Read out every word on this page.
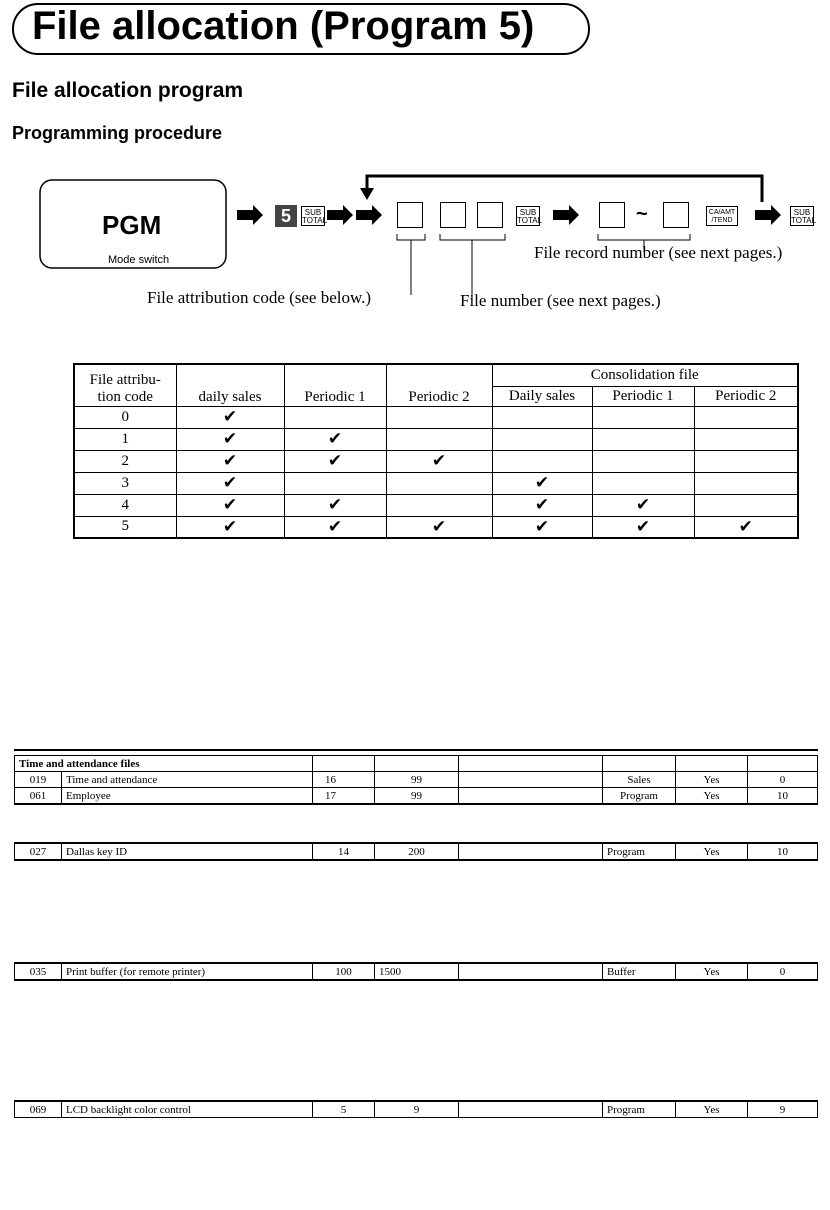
File allocation (Program 5)
File allocation program
Programming procedure
PGM
Mode switch
5	SUB
TOTAL
SUB
TOTAL	~	CA/AMT
/TEND
SUB
TOTAL
File record number (see next pages.)
File attribution code (see below.)	File number (see next pages.)
File attribu-
tion code	daily sales	Periodic 1	Periodic 2	Consolidation file		
				Daily sales	Periodic 1	Periodic 2
0	✔					
1	✔	✔				
2	✔	✔	✔			
3	✔			✔		
4	✔	✔		✔	✔	
5	✔	✔	✔	✔	✔	✔
Time and attendance files							
019	Time and attendance	16	99		Sales	Yes	0
061	Employee	17	99		Program	Yes	10
027	Dallas key ID	14	200		Program	Yes	10
035	Print buffer (for remote printer)	100	1500		Buffer	Yes	0
069	LCD backlight color control	5	9		Program	Yes	9
